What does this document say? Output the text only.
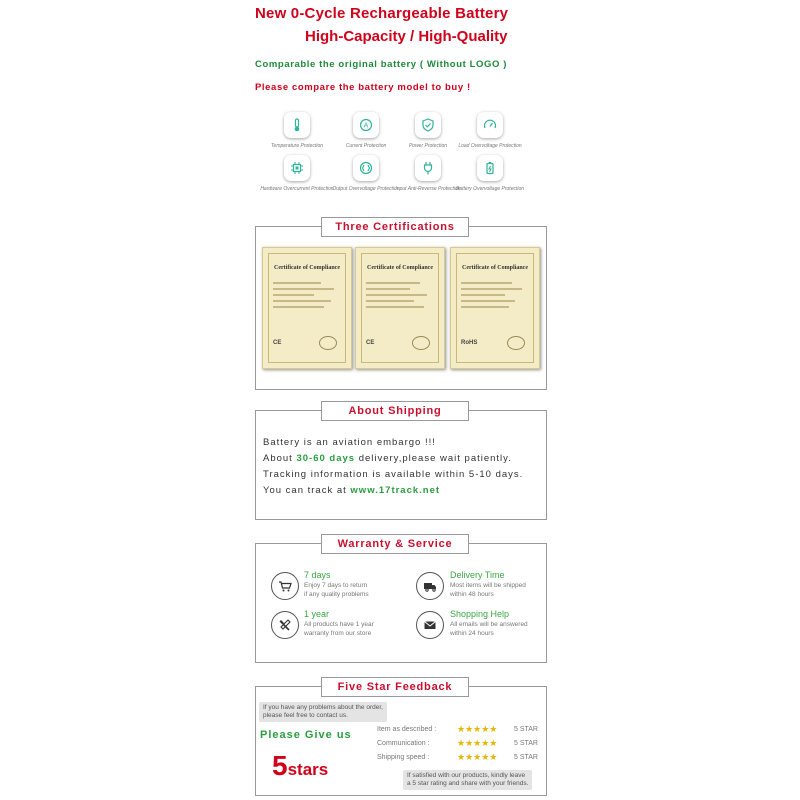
New 0-Cycle Rechargeable Battery
High-Capacity / High-Quality
Comparable the original battery ( Without LOGO )
Please compare the battery model to buy !
Temperature Protection
A
Current Protection	Power Protection	Load Overvoltage Protection
Hardware Overcurrent Protection
Output Overvoltage Protection
Input Anti-Reverse Protection
Battery Overvoltage Protection
Three Certifications
Certificate of Compliance
CE
Certificate of Compliance
CE
Certificate of Compliance
RoHS
About Shipping
Battery is an aviation embargo !!!
About 30-60 days delivery,please wait patiently.
Tracking information is available within 5-10 days.
You can track at www.17track.net
Warranty & Service
7 days
Enjoy 7 days to return
if any quality problems
Delivery Time
Most items will be shipped
within 48 hours
1 year
All products have 1 year
warranty from our store
Shopping Help
All emails will be answered
within 24 hours
Five Star Feedback
If you have any problems about the order,
please feel free to contact us.
Please Give us
5stars
Item as described : ★★★★★ 5 STAR
Communication :	★★★★★ 5 STAR
Shipping speed :	★★★★★ 5 STAR
If satisfied with our products, kindly leave
a 5 star rating and share with your friends.
